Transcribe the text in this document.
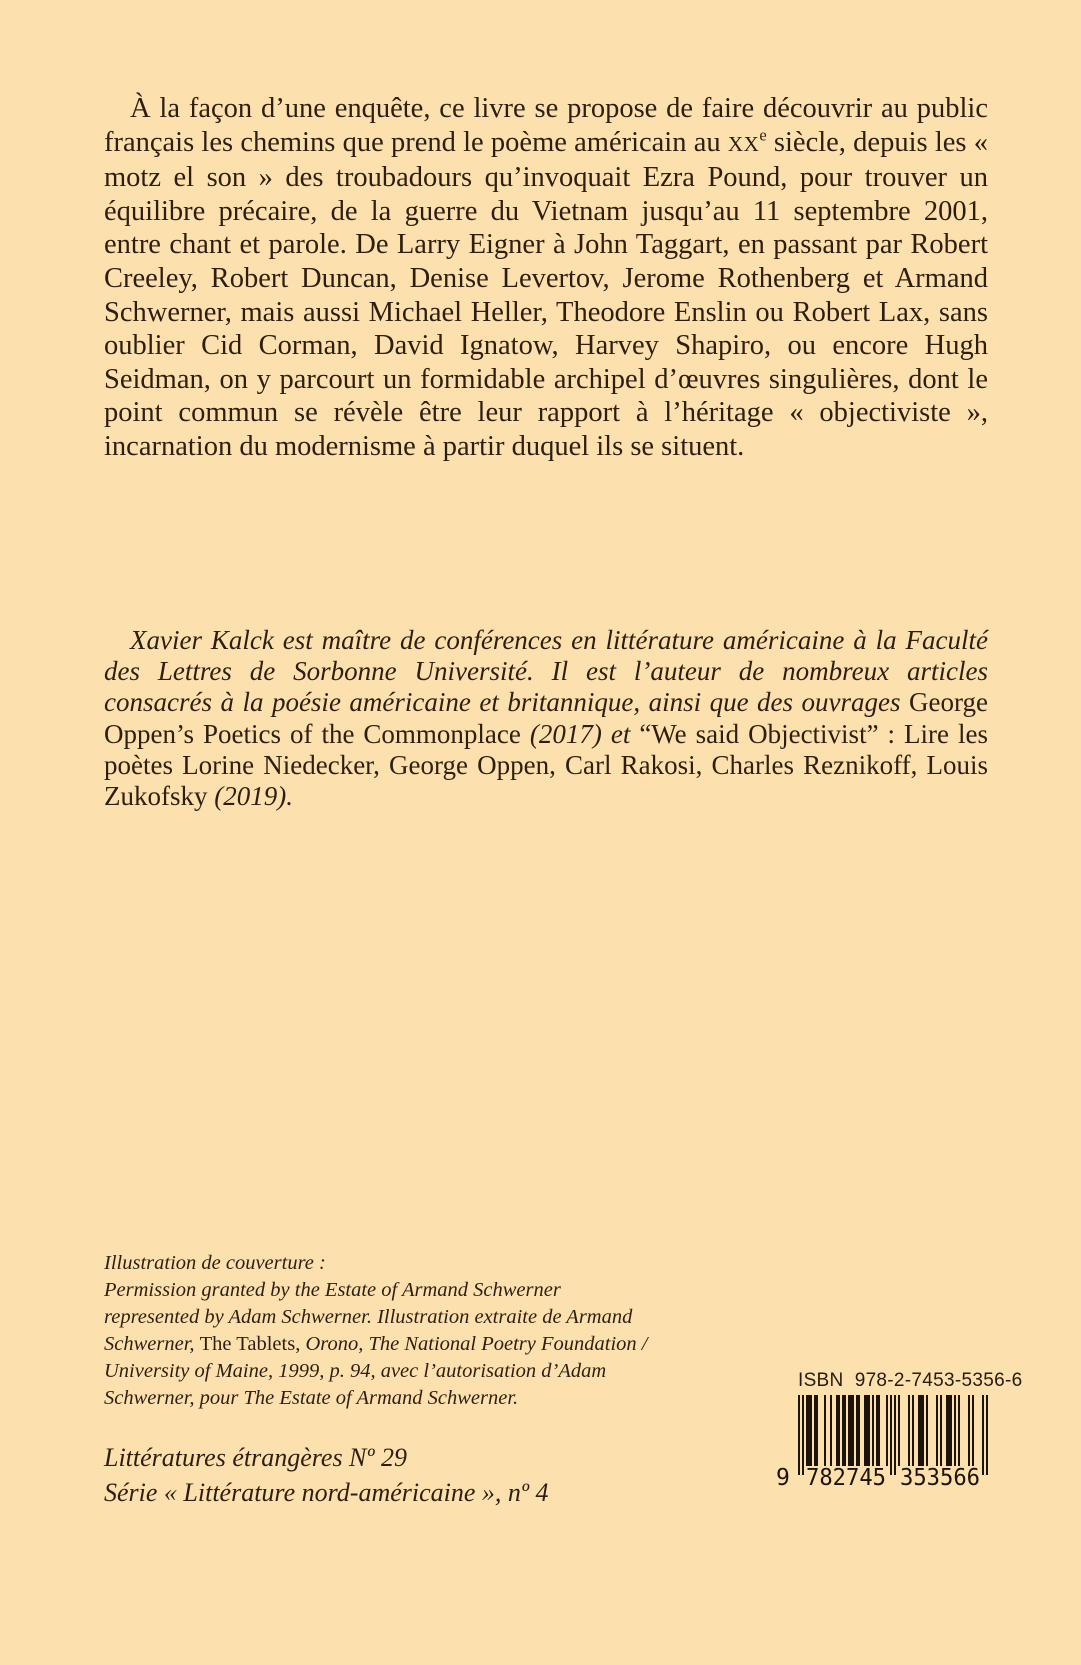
À la façon d’une enquête, ce livre se propose de faire découvrir au public français les chemins que prend le poème américain au XXe siècle, depuis les « motz el son » des troubadours qu’invoquait Ezra Pound, pour trouver un équilibre précaire, de la guerre du Vietnam jusqu’au 11 septembre 2001, entre chant et parole. De Larry Eigner à John Taggart, en passant par Robert Creeley, Robert Duncan, Denise Levertov, Jerome Rothenberg et Armand Schwerner, mais aussi Michael Heller, Theodore Enslin ou Robert Lax, sans oublier Cid Corman, David Ignatow, Harvey Shapiro, ou encore Hugh Seidman, on y parcourt un formidable archipel d’œuvres singulières, dont le point commun se révèle être leur rapport à l’héritage « objectiviste », incarnation du modernisme à partir duquel ils se situent.

Xavier Kalck est maître de conférences en littérature américaine à la Faculté des Lettres de Sorbonne Université. Il est l’auteur de nombreux articles consacrés à la poésie américaine et britannique, ainsi que des ouvrages George Oppen’s Poetics of the Commonplace (2017) et “We said Objectivist” : Lire les poètes Lorine Niedecker, George Oppen, Carl Rakosi, Charles Reznikoff, Louis Zukofsky (2019).

Illustration de couverture :
Permission granted by the Estate of Armand Schwerner
represented by Adam Schwerner. Illustration extraite de Armand
Schwerner, The Tablets, Orono, The National Poetry Foundation /
University of Maine, 1999, p. 94, avec l’autorisation d’Adam
Schwerner, pour The Estate of Armand Schwerner.
Littératures étrangères Nº 29
Série « Littérature nord-américaine », nº 4
ISBN  978-2-7453-5356-6
9 782745 353566
